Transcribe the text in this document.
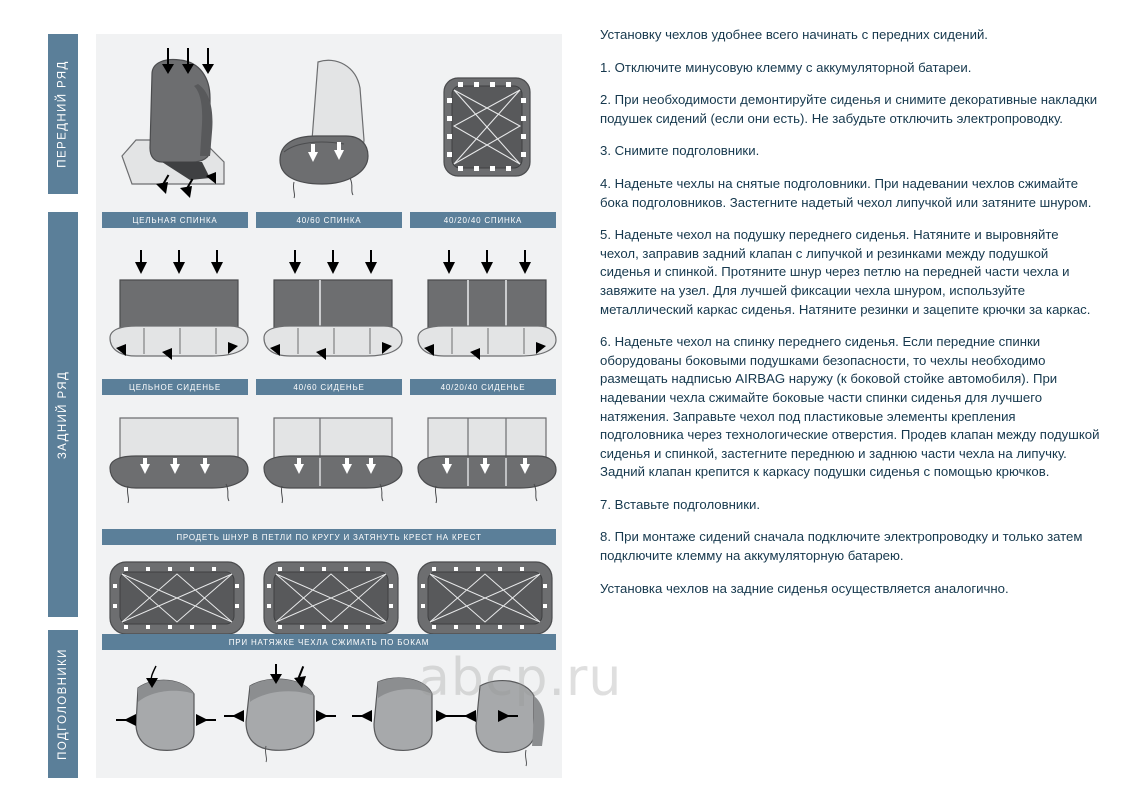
ПЕРЕДНИЙ РЯД
ЗАДНИЙ РЯД
ПОДГОЛОВНИКИ
ЦЕЛЬНАЯ СПИНКА	40/60 СПИНКА	40/20/40 СПИНКА
ЦЕЛЬНОЕ СИДЕНЬЕ	40/60 СИДЕНЬЕ	40/20/40 СИДЕНЬЕ
ПРОДЕТЬ ШНУР В ПЕТЛИ ПО КРУГУ И ЗАТЯНУТЬ КРЕСТ НА КРЕСТ
ПРИ НАТЯЖКЕ ЧЕХЛА СЖИМАТЬ ПО БОКАМ

Установку чехлов удобнее всего начинать с передних сидений.

1. Отключите минусовую клемму с аккумуляторной батареи.

2. При необходимости демонтируйте сиденья и снимите декоративные накладки подушек сидений (если они есть). Не забудьте отключить электропроводку.

3. Снимите подголовники.

4. Наденьте чехлы на снятые подголовники. При надевании чехлов сжимайте бока подголовников. Застегните надетый чехол липучкой или затяните шнуром.

5. Наденьте чехол на подушку переднего сиденья. Натяните и выровняйте чехол, заправив задний клапан с липучкой и резинками между подушкой сиденья и спинкой. Протяните шнур через петлю на передней части чехла и завяжите на узел. Для лучшей фиксации чехла шнуром, используйте металлический каркас сиденья. Натяните резинки и зацепите крючки за каркас.

6. Наденьте чехол на спинку переднего сиденья. Если передние спинки оборудованы боковыми подушками безопасности, то чехлы необходимо размещать надписью AIRBAG наружу (к боковой стойке автомобиля). При надевании чехла сжимайте боковые части спинки сиденья для лучшего натяжения. Заправьте чехол под пластиковые элементы крепления подголовника через технологические отверстия. Продев клапан между подушкой сиденья и спинкой, застегните переднюю и заднюю части чехла на липучку. Задний клапан крепится к каркасу подушки сиденья с помощью крючков.

7. Вставьте подголовники.

8. При монтаже сидений сначала подключите электропроводку и только затем подключите клемму на аккумуляторную батарею.

Установка чехлов на задние сиденья осуществляется аналогично.

abcp.ru
